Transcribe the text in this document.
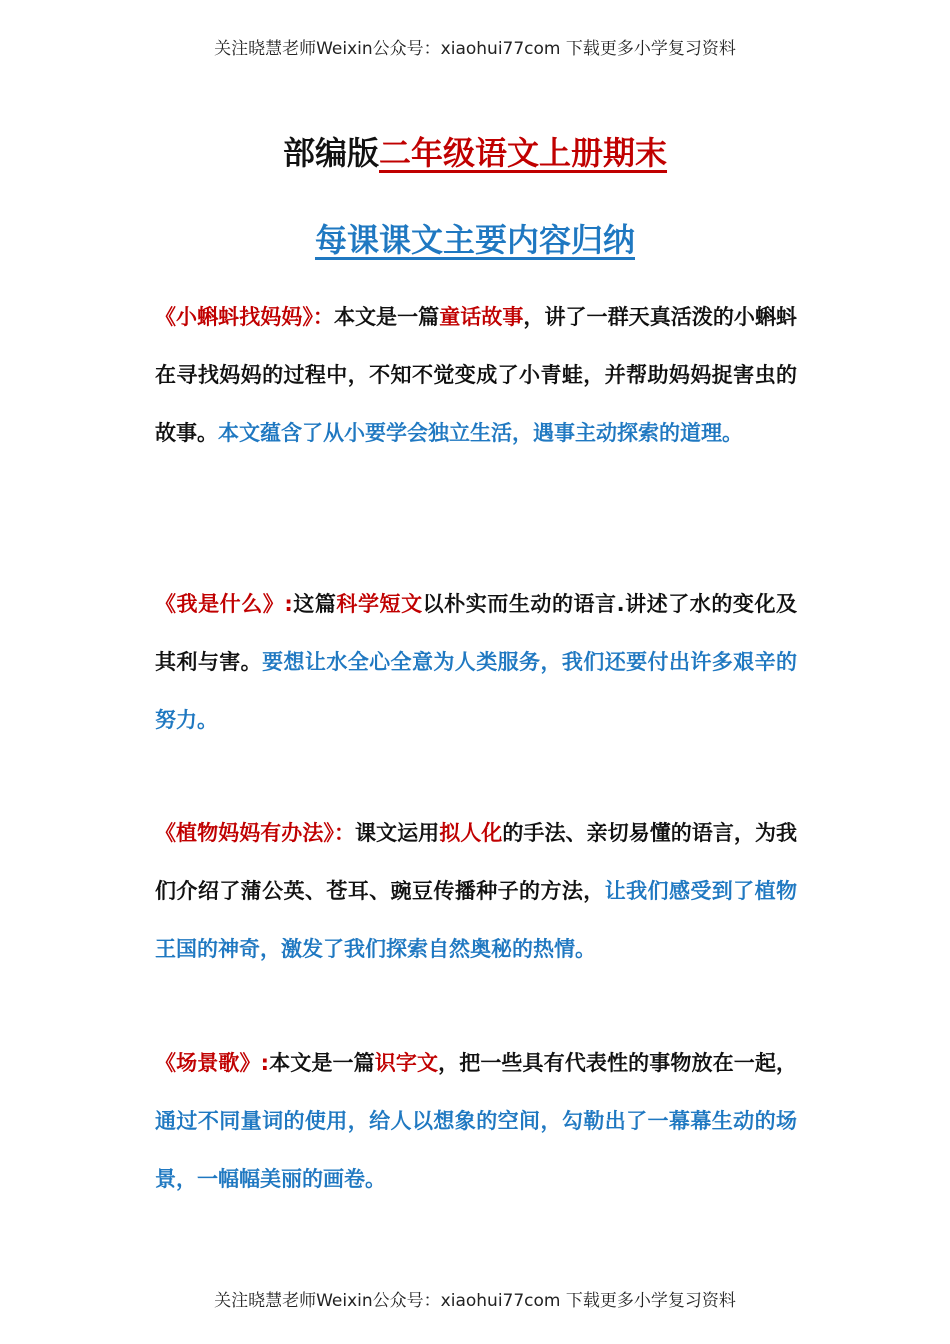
关注晓慧老师Weixin公众号：xiaohui77com 下载更多小学复习资料
部编版二年级语文上册期末
每课课文主要内容归纳
《小蝌蚪找妈妈》：本文是一篇童话故事，讲了一群天真活泼的小蝌蚪在寻找妈妈的过程中，不知不觉变成了小青蛙，并帮助妈妈捉害虫的故事。本文蕴含了从小要学会独立生活，遇事主动探索的道理。
《我是什么》:这篇科学短文以朴实而生动的语言.讲述了水的变化及其利与害。要想让水全心全意为人类服务，我们还要付出许多艰辛的努力。
《植物妈妈有办法》：课文运用拟人化的手法、亲切易懂的语言，为我们介绍了蒲公英、苍耳、豌豆传播种子的方法，让我们感受到了植物王国的神奇，激发了我们探索自然奥秘的热情。
《场景歌》:本文是一篇识字文，把一些具有代表性的事物放在一起，通过不同量词的使用，给人以想象的空间，勾勒出了一幕幕生动的场景，一幅幅美丽的画卷。
关注晓慧老师Weixin公众号：xiaohui77com 下载更多小学复习资料
